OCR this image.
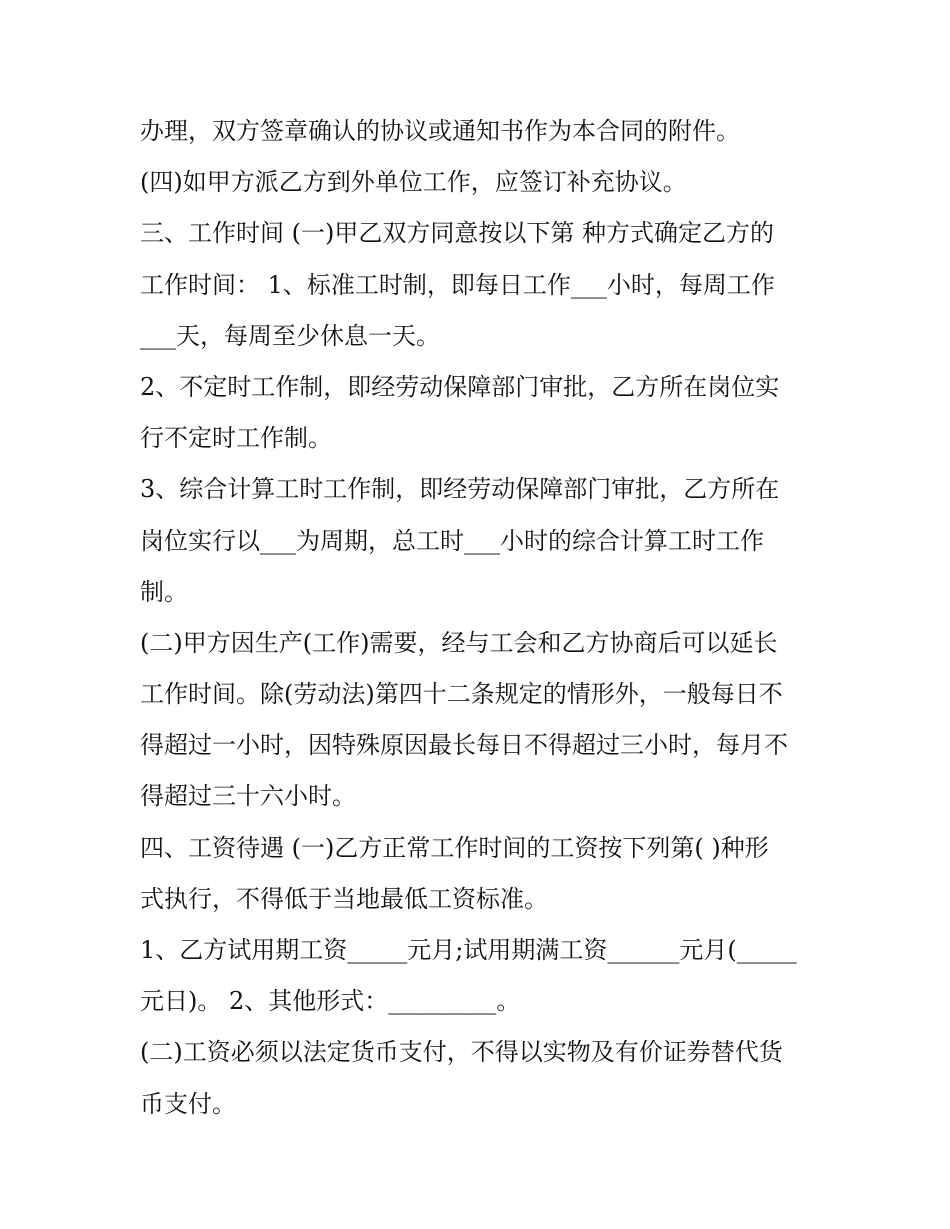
办理，双方签章确认的协议或通知书作为本合同的附件。
(四)如甲方派乙方到外单位工作，应签订补充协议。
三、工作时间 (一)甲乙双方同意按以下第 种方式确定乙方的
工作时间： 1、标准工时制，即每日工作___小时，每周工作
___天，每周至少休息一天。
2、不定时工作制，即经劳动保障部门审批，乙方所在岗位实
行不定时工作制。
3、综合计算工时工作制，即经劳动保障部门审批，乙方所在
岗位实行以___为周期，总工时___小时的综合计算工时工作
制。
(二)甲方因生产(工作)需要，经与工会和乙方协商后可以延长
工作时间。除(劳动法)第四十二条规定的情形外，一般每日不
得超过一小时，因特殊原因最长每日不得超过三小时，每月不
得超过三十六小时。
四、工资待遇 (一)乙方正常工作时间的工资按下列第( )种形
式执行，不得低于当地最低工资标准。
1、乙方试用期工资_____元月;试用期满工资______元月(_____
元日)。 2、其他形式：_________。
(二)工资必须以法定货币支付，不得以实物及有价证券替代货
币支付。
